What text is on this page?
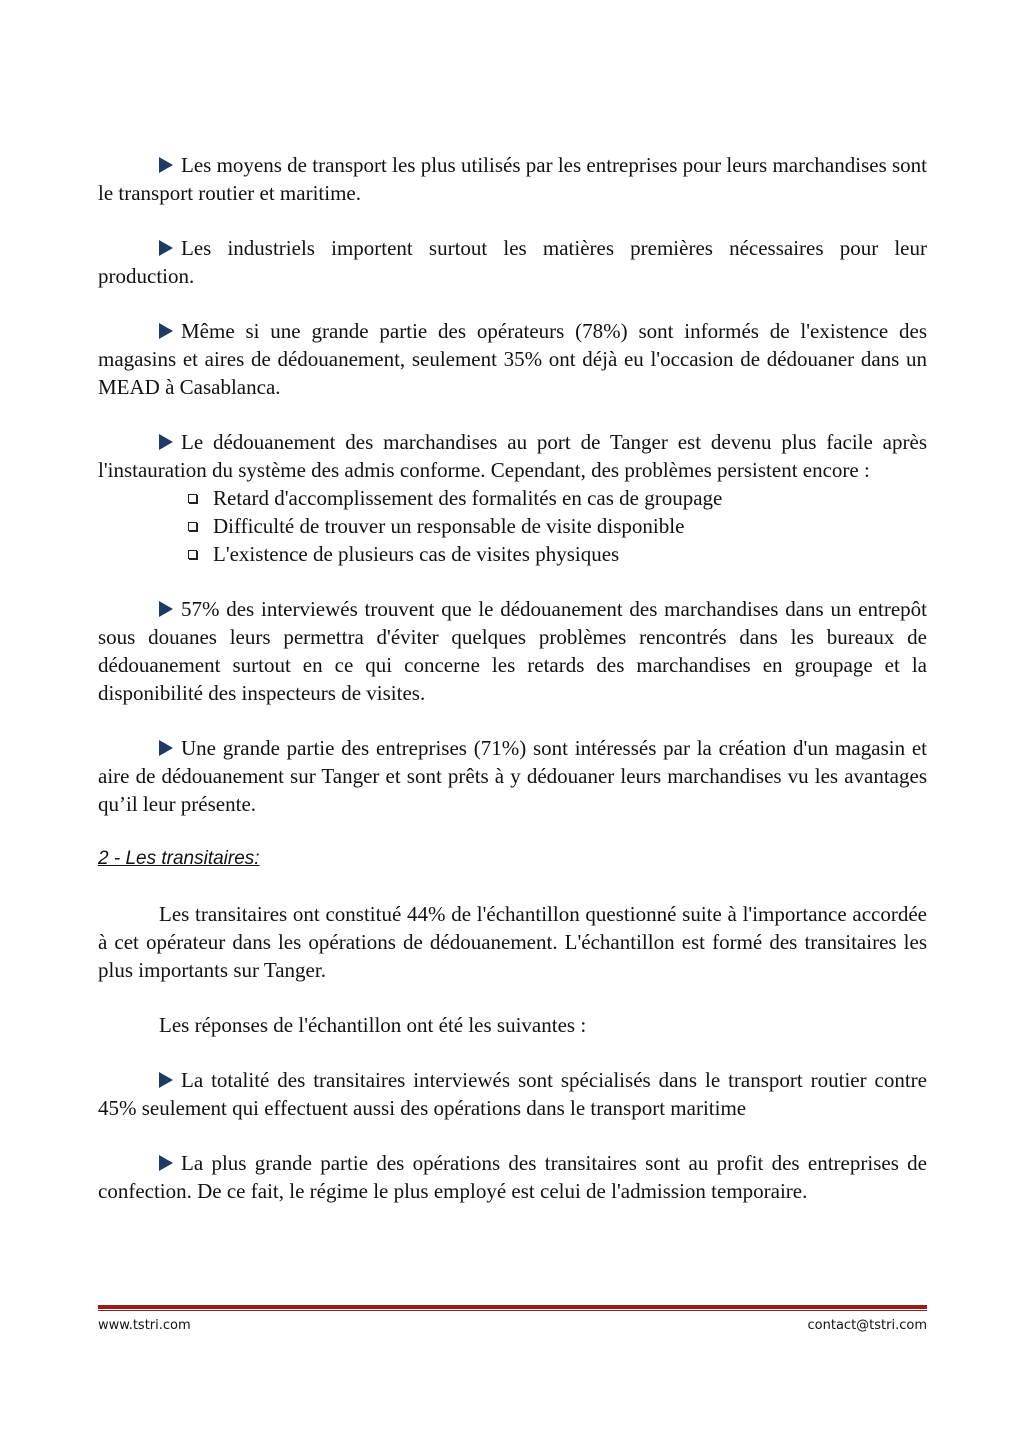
Les moyens de transport les plus utilisés par les entreprises pour leurs marchandises sont le transport routier et maritime.

Les industriels importent surtout les matières premières nécessaires pour leur production.

Même si une grande partie des opérateurs (78%) sont informés de l'existence des magasins et aires de dédouanement, seulement 35% ont déjà eu l'occasion de dédouaner dans un MEAD à Casablanca.

Le dédouanement des marchandises au port de Tanger est devenu plus facile après l'instauration du système des admis conforme. Cependant, des problèmes persistent encore :

Retard d'accomplissement des formalités en cas de groupage
Difficulté de trouver un responsable de visite disponible
L'existence de plusieurs cas de visites physiques

57% des interviewés trouvent que le dédouanement des marchandises dans un entrepôt sous douanes leurs permettra d'éviter quelques problèmes rencontrés dans les bureaux de dédouanement surtout en ce qui concerne les retards des marchandises en groupage et la disponibilité des inspecteurs de visites.

Une grande partie des entreprises (71%) sont intéressés par la création d'un magasin et aire de dédouanement sur Tanger et sont prêts à y dédouaner leurs marchandises vu les avantages qu’il leur présente.

2 - Les transitaires:

Les transitaires ont constitué 44% de l'échantillon questionné suite à l'importance accordée à cet opérateur dans les opérations de dédouanement. L'échantillon est formé des transitaires les plus importants sur Tanger.

Les réponses de l'échantillon ont été les suivantes :

La totalité des transitaires interviewés sont spécialisés dans le transport routier contre 45% seulement qui effectuent aussi des opérations dans le transport maritime

La plus grande partie des opérations des transitaires sont au profit des entreprises de confection. De ce fait, le régime le plus employé est celui de l'admission temporaire.

www.tstri.com	contact@tstri.com
